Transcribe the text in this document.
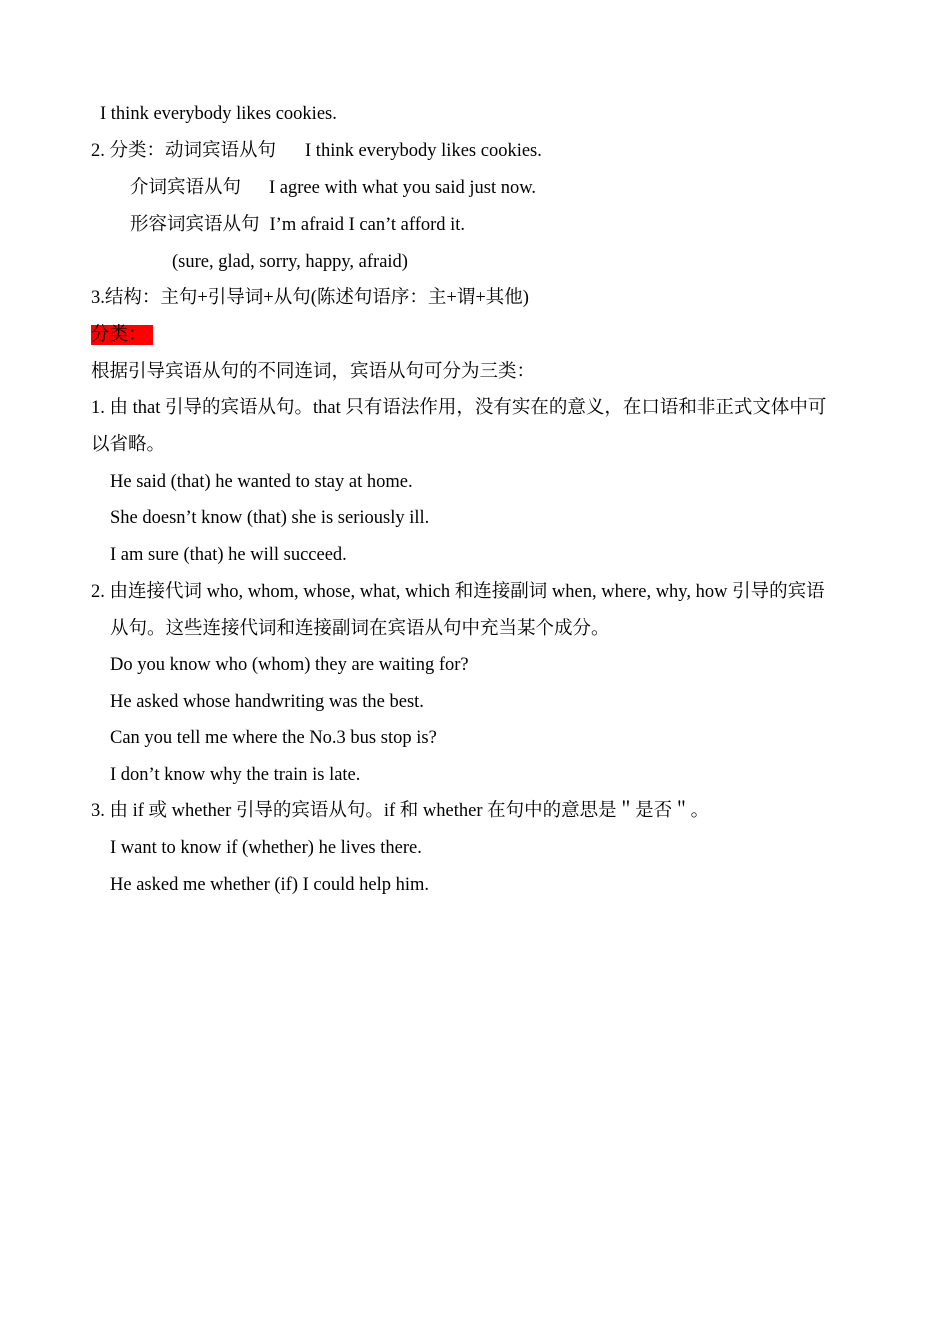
I think everybody likes cookies.
2. 分类：动词宾语从句 I think everybody likes cookies.
介词宾语从句 I agree with what you said just now.
形容词宾语从句 I’m afraid I can’t afford it.
(sure, glad, sorry, happy, afraid)
3.结构：主句+引导词+从句(陈述句语序：主+谓+其他)
分类：
根据引导宾语从句的不同连词，宾语从句可分为三类：
1. 由 that 引导的宾语从句。that 只有语法作用，没有实在的意义，在口语和非正式文体中可
以省略。
He said (that) he wanted to stay at home.
She doesn’t know (that) she is seriously ill.
I am sure (that) he will succeed.
2. 由连接代词 who, whom, whose, what, which 和连接副词 when, where, why, how 引导的宾语
从句。这些连接代词和连接副词在宾语从句中充当某个成分。
Do you know who (whom) they are waiting for?
He asked whose handwriting was the best.
Can you tell me where the No.3 bus stop is?
I don’t know why the train is late.
3. 由 if 或 whether 引导的宾语从句。if 和 whether 在句中的意思是＂是否＂。
I want to know if (whether) he lives there.
He asked me whether (if) I could help him.
